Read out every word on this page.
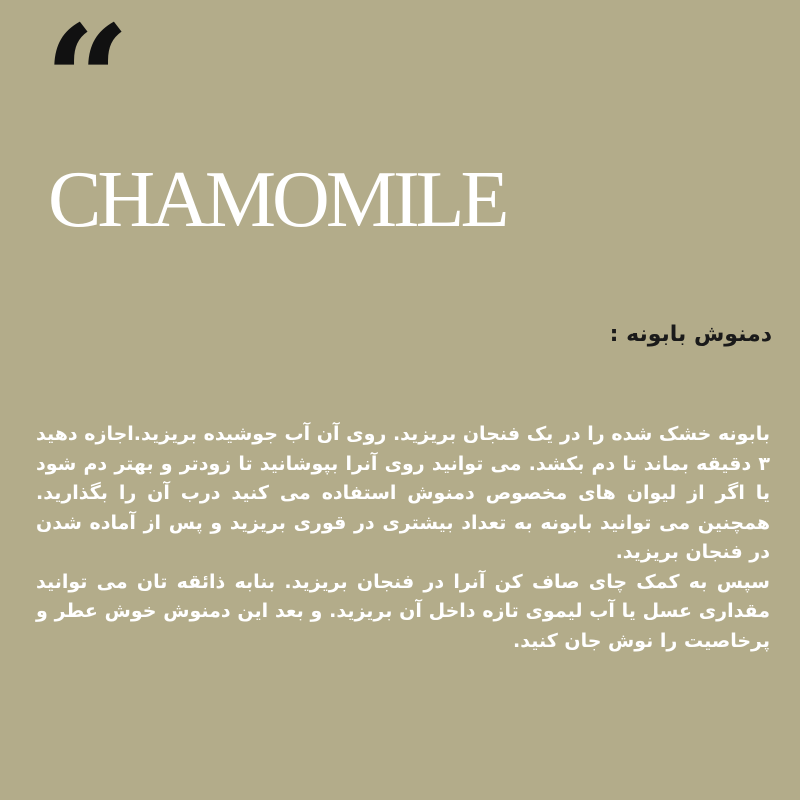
“
CHAMOMILE
دمنوش بابونه :

بابونه خشک شده را در یک فنجان بریزید. روی آن آب جوشیده بریزید.اجازه دهید ۳ دقیقه بماند تا دم بکشد. می توانید روی آنرا بپوشانید تا زودتر و بهتر دم شود یا اگر از لیوان های مخصوص دمنوش استفاده می کنید درب آن را بگذارید. همچنین می توانید بابونه به تعداد بیشتری در قوری بریزید و پس از آماده شدن در فنجان بریزید.

سپس به کمک چای صاف کن آنرا در فنجان بریزید. بنابه ذائقه تان می توانید مقداری عسل یا آب لیموی تازه داخل آن بریزید. و بعد این دمنوش خوش عطر و پرخاصیت را نوش جان کنید.
